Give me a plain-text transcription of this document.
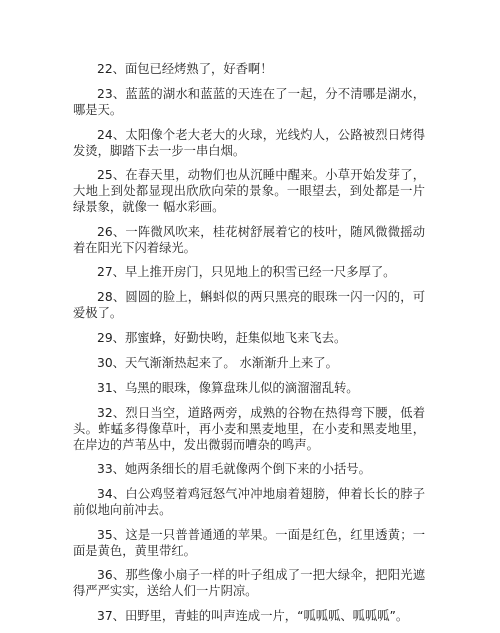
22、面包已经烤熟了，好香啊！

23、蓝蓝的湖水和蓝蓝的天连在了一起，分不清哪是湖水，哪是天。

24、太阳像个老大老大的火球，光线灼人，公路被烈日烤得发烫，脚踏下去一步一串白烟。

25、在春天里，动物们也从沉睡中醒来。小草开始发芽了，大地上到处都显现出欣欣向荣的景象。一眼望去，到处都是一片绿景象，就像一 幅水彩画。

26、一阵微风吹来，桂花树舒展着它的枝叶，随风微微摇动着在阳光下闪着绿光。

27、早上推开房门，只见地上的积雪已经一尺多厚了。

28、圆圆的脸上，蝌蚪似的两只黑亮的眼珠一闪一闪的，可爱极了。

29、那蜜蜂，好勤快哟，赶集似地飞来飞去。

30、天气渐渐热起来了。 水渐渐升上来了。

31、乌黑的眼珠，像算盘珠儿似的滴溜溜乱转。

32、烈日当空，道路两旁，成熟的谷物在热得弯下腰，低着头。蚱蜢多得像草叶，再小麦和黑麦地里，在小麦和黑麦地里，在岸边的芦苇丛中，发出微弱而嘈杂的鸣声。

33、她两条细长的眉毛就像两个倒下来的小括号。

34、白公鸡竖着鸡冠怒气冲冲地扇着翅膀，伸着长长的脖子前似地向前冲去。

35、这是一只普普通通的苹果。一面是红色，红里透黄；一面是黄色，黄里带红。

36、那些像小扇子一样的叶子组成了一把大绿伞，把阳光遮得严严实实，送给人们一片阴凉。

37、田野里，青蛙的叫声连成一片，“呱呱呱、呱呱呱”。
